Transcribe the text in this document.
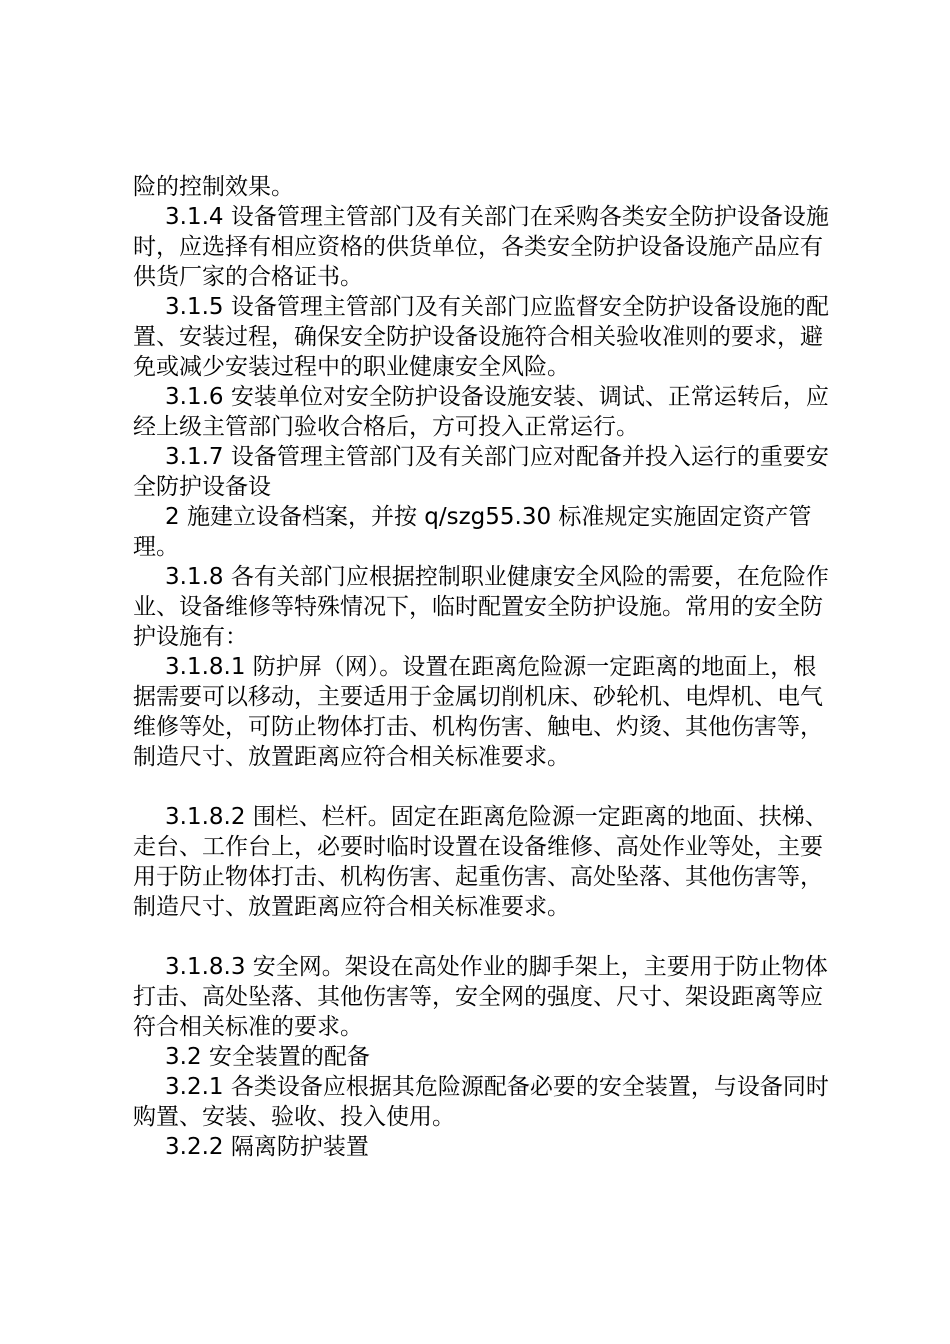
险的控制效果。

3.1.4 设备管理主管部门及有关部门在采购各类安全防护设备设施时，应选择有相应资格的供货单位，各类安全防护设备设施产品应有供货厂家的合格证书。

3.1.5 设备管理主管部门及有关部门应监督安全防护设备设施的配置、安装过程，确保安全防护设备设施符合相关验收准则的要求，避免或减少安装过程中的职业健康安全风险。

3.1.6 安装单位对安全防护设备设施安装、调试、正常运转后，应经上级主管部门验收合格后，方可投入正常运行。

3.1.7 设备管理主管部门及有关部门应对配备并投入运行的重要安全防护设备设

2 施建立设备档案，并按 q/szg55.30 标准规定实施固定资产管理。

3.1.8 各有关部门应根据控制职业健康安全风险的需要，在危险作业、设备维修等特殊情况下，临时配置安全防护设施。常用的安全防护设施有：

3.1.8.1 防护屏（网）。设置在距离危险源一定距离的地面上，根据需要可以移动，主要适用于金属切削机床、砂轮机、电焊机、电气维修等处，可防止物体打击、机构伤害、触电、灼烫、其他伤害等，制造尺寸、放置距离应符合相关标准要求。

3.1.8.2 围栏、栏杆。固定在距离危险源一定距离的地面、扶梯、走台、工作台上，必要时临时设置在设备维修、高处作业等处，主要用于防止物体打击、机构伤害、起重伤害、高处坠落、其他伤害等，制造尺寸、放置距离应符合相关标准要求。

3.1.8.3 安全网。架设在高处作业的脚手架上，主要用于防止物体打击、高处坠落、其他伤害等，安全网的强度、尺寸、架设距离等应符合相关标准的要求。

3.2 安全装置的配备

3.2.1 各类设备应根据其危险源配备必要的安全装置，与设备同时购置、安装、验收、投入使用。

3.2.2 隔离防护装置
